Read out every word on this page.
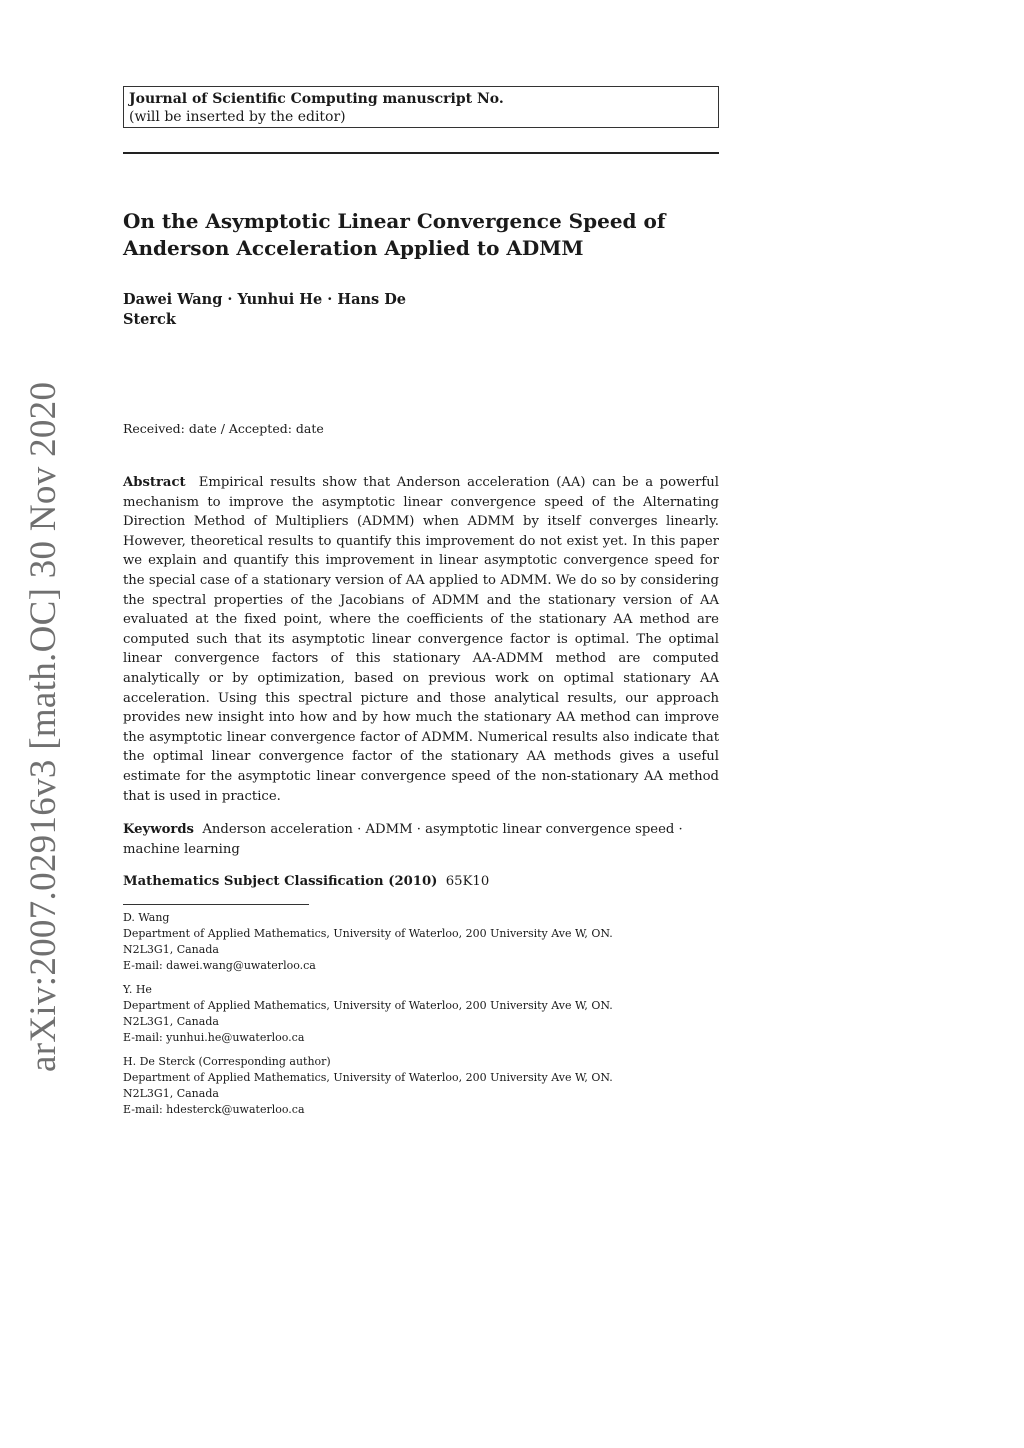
arXiv:2007.02916v3 [math.OC] 30 Nov 2020
Journal of Scientific Computing manuscript No.
(will be inserted by the editor)
On the Asymptotic Linear Convergence Speed of
Anderson Acceleration Applied to ADMM
Dawei Wang · Yunhui He · Hans De
Sterck
Received: date / Accepted: date
Abstract Empirical results show that Anderson acceleration (AA) can be a powerful mechanism to improve the asymptotic linear convergence speed of the Alternating Direction Method of Multipliers (ADMM) when ADMM by itself converges linearly. However, theoretical results to quantify this improvement do not exist yet. In this paper we explain and quantify this improvement in linear asymptotic convergence speed for the special case of a stationary version of AA applied to ADMM. We do so by considering the spectral properties of the Jacobians of ADMM and the stationary version of AA evaluated at the fixed point, where the coefficients of the stationary AA method are computed such that its asymptotic linear convergence factor is optimal. The optimal linear convergence factors of this stationary AA-ADMM method are computed analytically or by optimization, based on previous work on optimal stationary AA acceleration. Using this spectral picture and those analytical results, our approach provides new insight into how and by how much the stationary AA method can improve the asymptotic linear convergence factor of ADMM. Numerical results also indicate that the optimal linear convergence factor of the stationary AA methods gives a useful estimate for the asymptotic linear convergence speed of the non-stationary AA method that is used in practice.
Keywords Anderson acceleration · ADMM · asymptotic linear convergence speed · machine learning
Mathematics Subject Classification (2010) 65K10
D. Wang
Department of Applied Mathematics, University of Waterloo, 200 University Ave W, ON.
N2L3G1, Canada
E-mail: dawei.wang@uwaterloo.ca
Y. He
Department of Applied Mathematics, University of Waterloo, 200 University Ave W, ON.
N2L3G1, Canada
E-mail: yunhui.he@uwaterloo.ca
H. De Sterck (Corresponding author)
Department of Applied Mathematics, University of Waterloo, 200 University Ave W, ON.
N2L3G1, Canada
E-mail: hdesterck@uwaterloo.ca
